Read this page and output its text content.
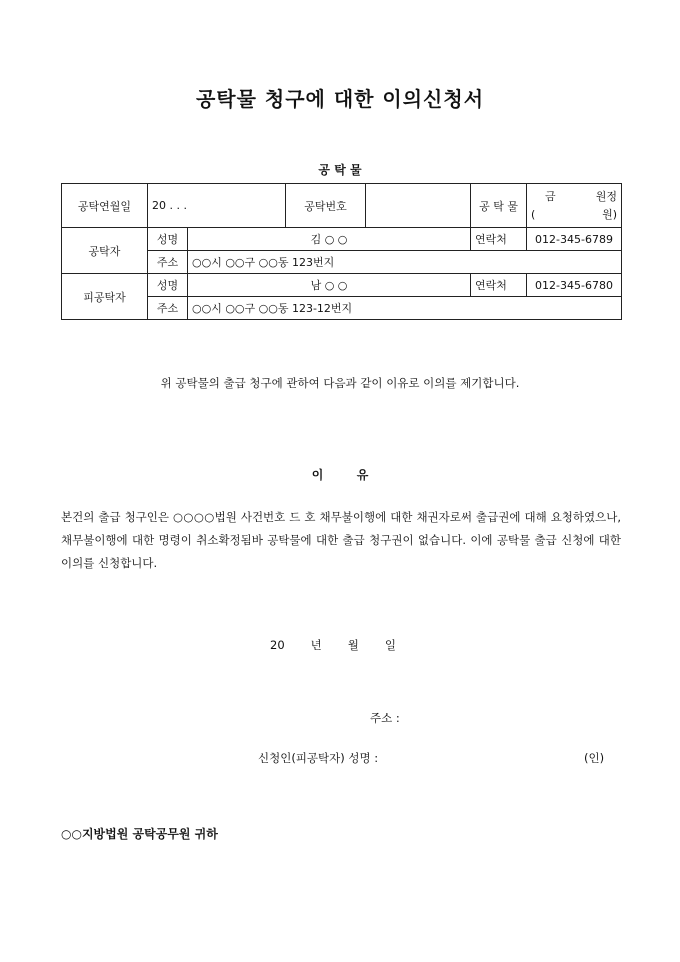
공탁물 청구에 대한 이의신청서
공 탁 물
공탁연월일	20 . . .		공탁번호		공 탁 물	금 원정
( 원)

공탁자	성명	김 ○ ○			연락처	012-345-6789
	주소	○○시 ○○구 ○○동 123번지				
피공탁자	성명	남 ○ ○			연락처	012-345-6780
	주소	○○시 ○○구 ○○동 123-12번지				
위 공탁물의 출급 청구에 관하여 다음과 같이 이유로 이의를 제기합니다.
이        유
본건의 출급 청구인은 ○○○○법원 사건번호 드 호 채무불이행에 대한 채권자로써 출급권에 대해 요청하였으나, 채무불이행에 대한 명령이 취소확정됨바 공탁물에 대한 출급 청구권이 없습니다. 이에 공탁물 출급 신청에 대한 이의를 신청합니다.
20 년 월 일
주소 :
신청인(피공탁자) 성명 :	(인)
○○지방법원 공탁공무원 귀하
